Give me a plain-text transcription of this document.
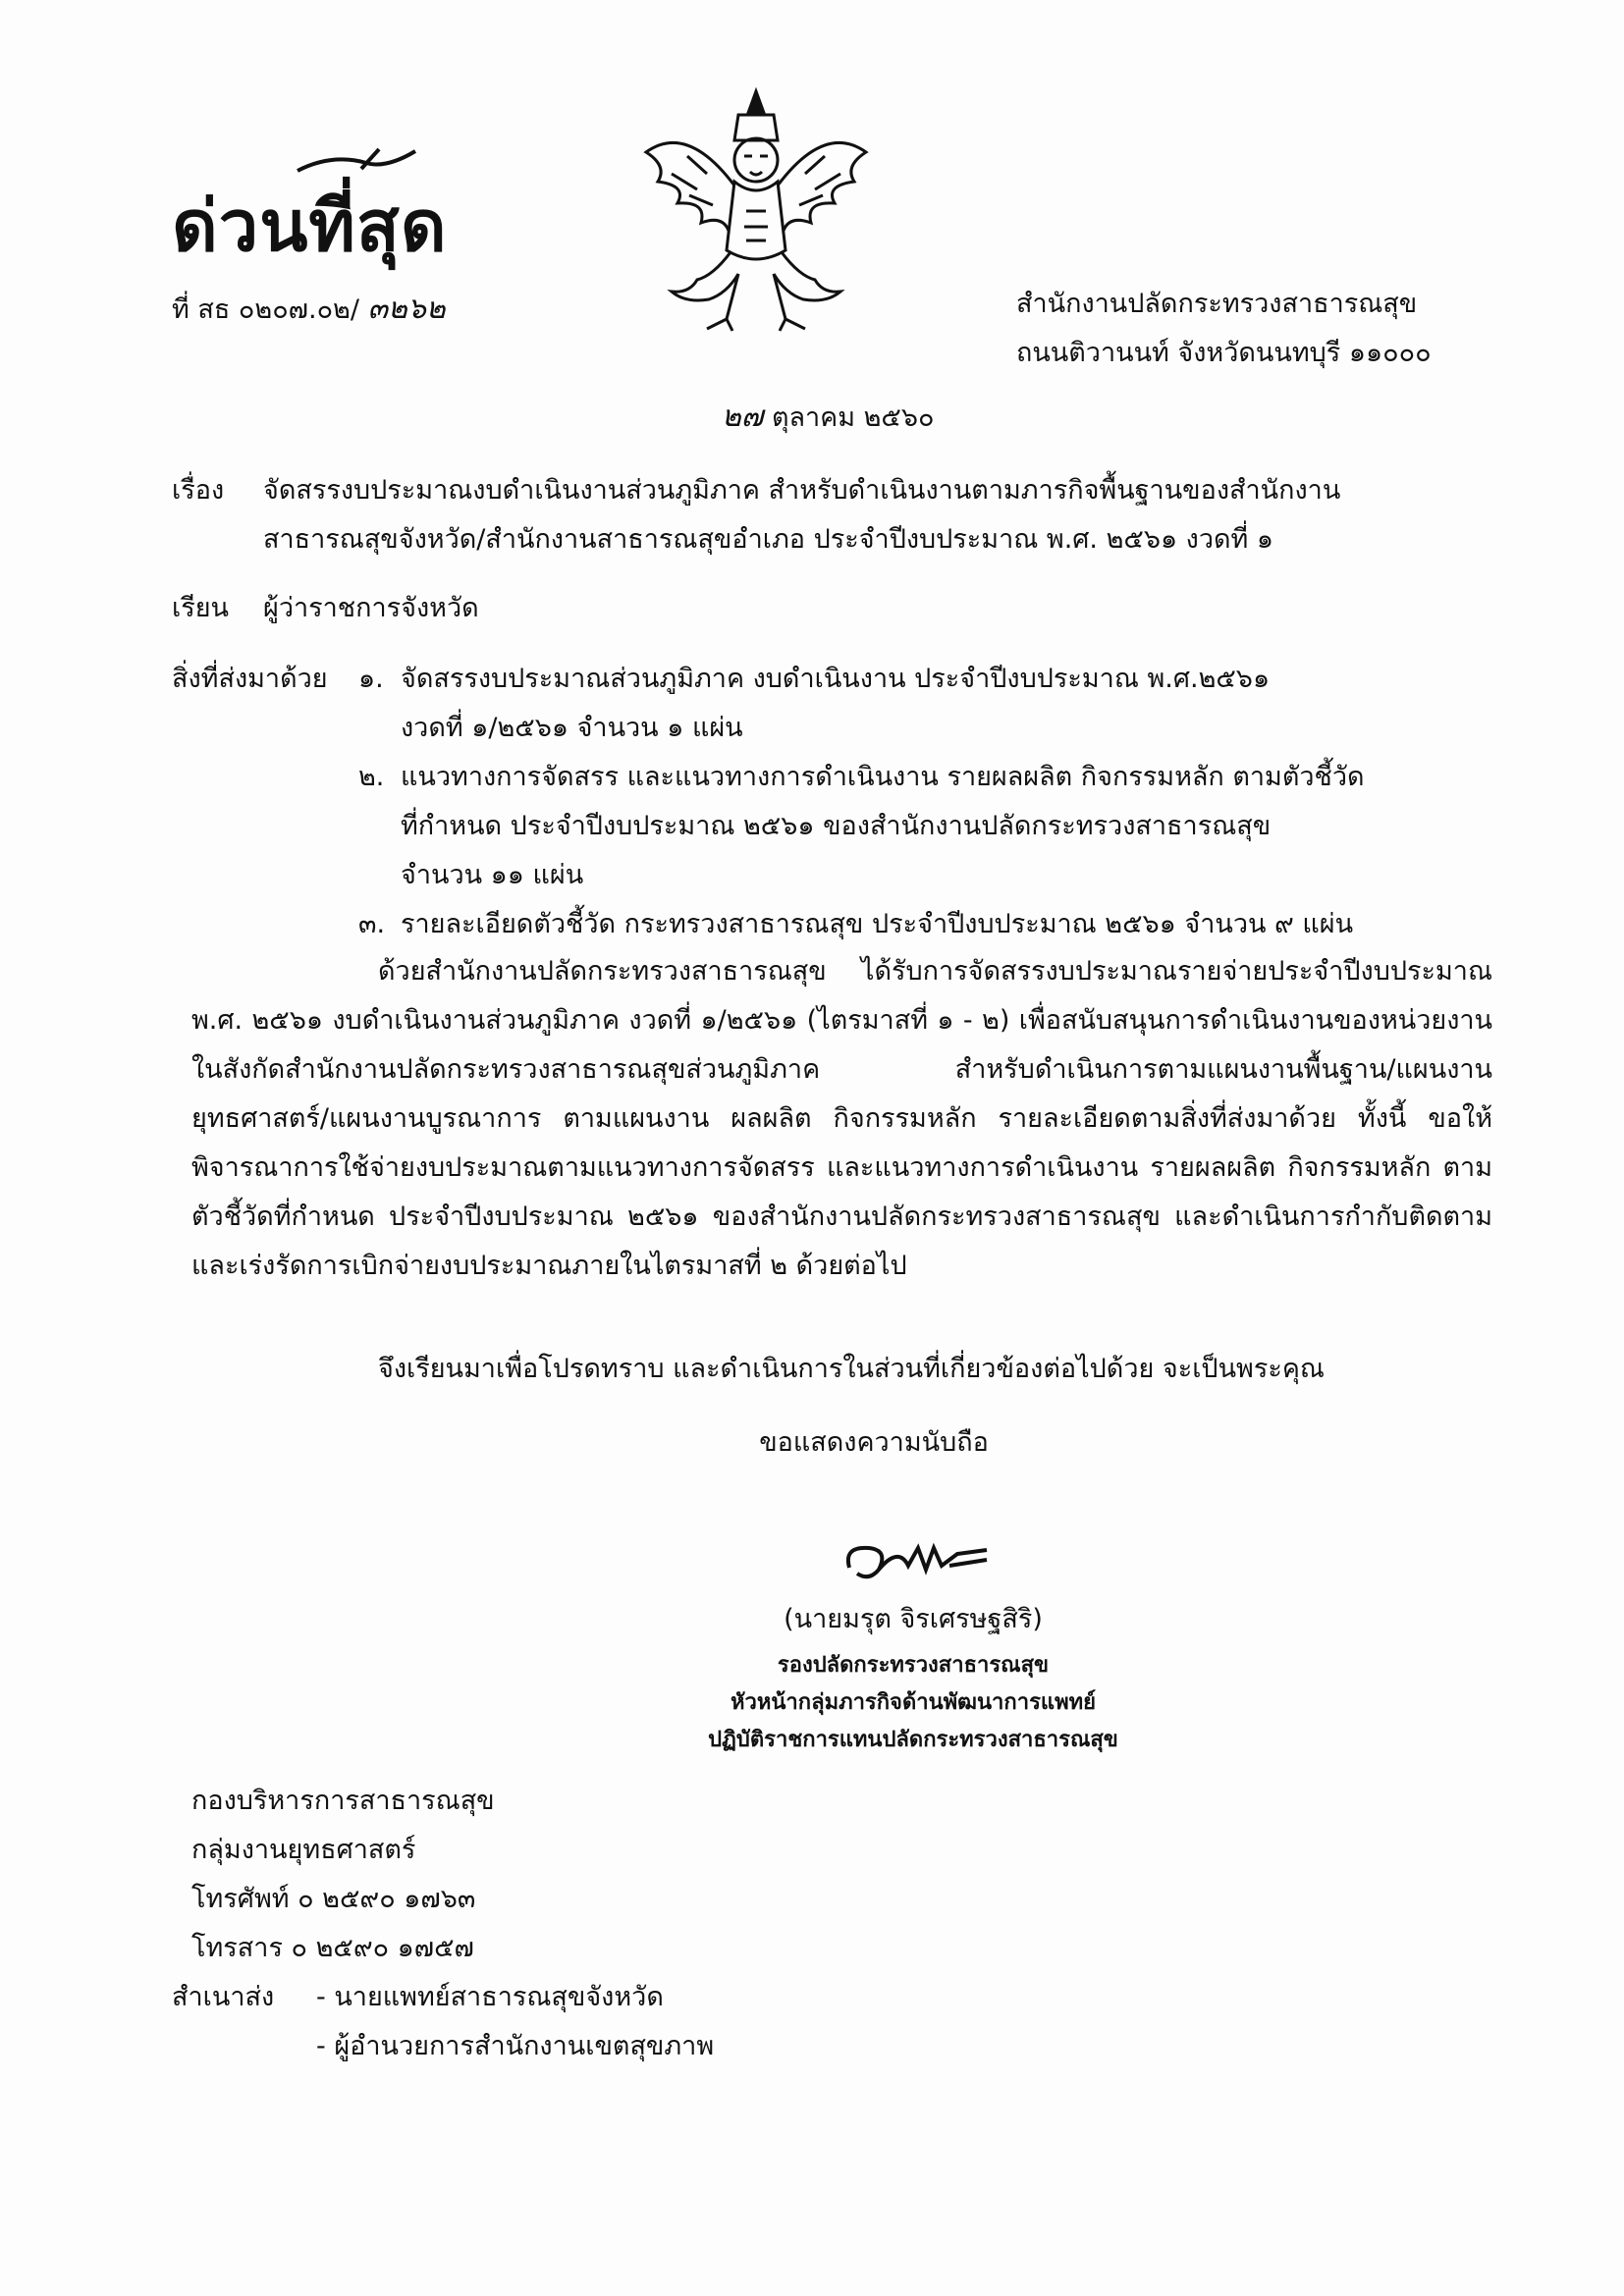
ด่วนที่สุด
ที่ สธ ๐๒๐๗.๐๒/ ๓๒๖๒	สำนักงานปลัดกระทรวงสาธารณสุข
ถนนติวานนท์ จังหวัดนนทบุรี ๑๑๐๐๐
๒๗ ตุลาคม ๒๕๖๐
เรื่อง จัดสรรงบประมาณงบดำเนินงานส่วนภูมิภาค สำหรับดำเนินงานตามภารกิจพื้นฐานของสำนักงาน
สาธารณสุขจังหวัด/สำนักงานสาธารณสุขอำเภอ ประจำปีงบประมาณ พ.ศ. ๒๕๖๑ งวดที่ ๑
เรียน ผู้ว่าราชการจังหวัด
สิ่งที่ส่งมาด้วย ๑. จัดสรรงบประมาณส่วนภูมิภาค งบดำเนินงาน ประจำปีงบประมาณ พ.ศ.๒๕๖๑
งวดที่ ๑/๒๕๖๑ จำนวน ๑ แผ่น
๒. แนวทางการจัดสรร และแนวทางการดำเนินงาน รายผลผลิต กิจกรรมหลัก ตามตัวชี้วัด
ที่กำหนด ประจำปีงบประมาณ ๒๕๖๑ ของสำนักงานปลัดกระทรวงสาธารณสุข
จำนวน ๑๑ แผ่น
๓. รายละเอียดตัวชี้วัด กระทรวงสาธารณสุข ประจำปีงบประมาณ ๒๕๖๑ จำนวน ๙ แผ่น
ด้วยสำนักงานปลัดกระทรวงสาธารณสุข ได้รับการจัดสรรงบประมาณรายจ่ายประจำปีงบประมาณ พ.ศ. ๒๕๖๑ งบดำเนินงานส่วนภูมิภาค งวดที่ ๑/๒๕๖๑ (ไตรมาสที่ ๑ - ๒) เพื่อสนับสนุนการดำเนินงานของหน่วยงานในสังกัดสำนักงานปลัดกระทรวงสาธารณสุขส่วนภูมิภาค สำหรับดำเนินการตามแผนงานพื้นฐาน/แผนงานยุทธศาสตร์/แผนงานบูรณาการ ตามแผนงาน ผลผลิต กิจกรรมหลัก รายละเอียดตามสิ่งที่ส่งมาด้วย ทั้งนี้ ขอให้พิจารณาการใช้จ่ายงบประมาณตามแนวทางการจัดสรร และแนวทางการดำเนินงาน รายผลผลิต กิจกรรมหลัก ตามตัวชี้วัดที่กำหนด ประจำปีงบประมาณ ๒๕๖๑ ของสำนักงานปลัดกระทรวงสาธารณสุข และดำเนินการกำกับติดตามและเร่งรัดการเบิกจ่ายงบประมาณภายในไตรมาสที่ ๒ ด้วยต่อไป
จึงเรียนมาเพื่อโปรดทราบ และดำเนินการในส่วนที่เกี่ยวข้องต่อไปด้วย จะเป็นพระคุณ
ขอแสดงความนับถือ
(นายมรุต จิรเศรษฐสิริ)
รองปลัดกระทรวงสาธารณสุข
หัวหน้ากลุ่มภารกิจด้านพัฒนาการแพทย์
ปฏิบัติราชการแทนปลัดกระทรวงสาธารณสุข
กองบริหารการสาธารณสุข
กลุ่มงานยุทธศาสตร์
โทรศัพท์ ๐ ๒๕๙๐ ๑๗๖๓
โทรสาร ๐ ๒๕๙๐ ๑๗๕๗
สำเนาส่ง - นายแพทย์สาธารณสุขจังหวัด
- ผู้อำนวยการสำนักงานเขตสุขภาพ
